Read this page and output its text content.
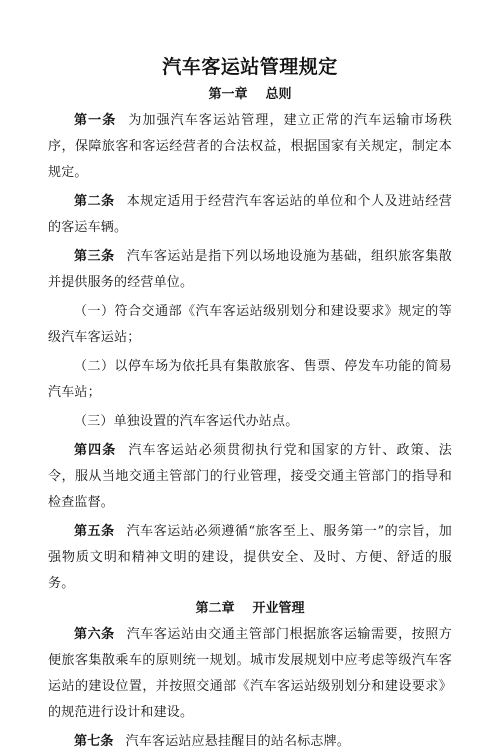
汽车客运站管理规定
第一章 总则

第一条 为加强汽车客运站管理，建立正常的汽车运输市场秩序，保障旅客和客运经营者的合法权益，根据国家有关规定，制定本规定。

第二条 本规定适用于经营汽车客运站的单位和个人及进站经营的客运车辆。

第三条 汽车客运站是指下列以场地设施为基础，组织旅客集散并提供服务的经营单位。

（一）符合交通部《汽车客运站级别划分和建设要求》规定的等级汽车客运站；

（二）以停车场为依托具有集散旅客、售票、停发车功能的简易汽车站；

（三）单独设置的汽车客运代办站点。

第四条 汽车客运站必须贯彻执行党和国家的方针、政策、法令，服从当地交通主管部门的行业管理，接受交通主管部门的指导和检查监督。

第五条 汽车客运站必须遵循“旅客至上、服务第一”的宗旨，加强物质文明和精神文明的建设，提供安全、及时、方便、舒适的服务。

第二章 开业管理

第六条 汽车客运站由交通主管部门根据旅客运输需要，按照方便旅客集散乘车的原则统一规划。城市发展规划中应考虑等级汽车客运站的建设位置，并按照交通部《汽车客运站级别划分和建设要求》的规范进行设计和建设。

第七条 汽车客运站应悬挂醒目的站名标志牌。
